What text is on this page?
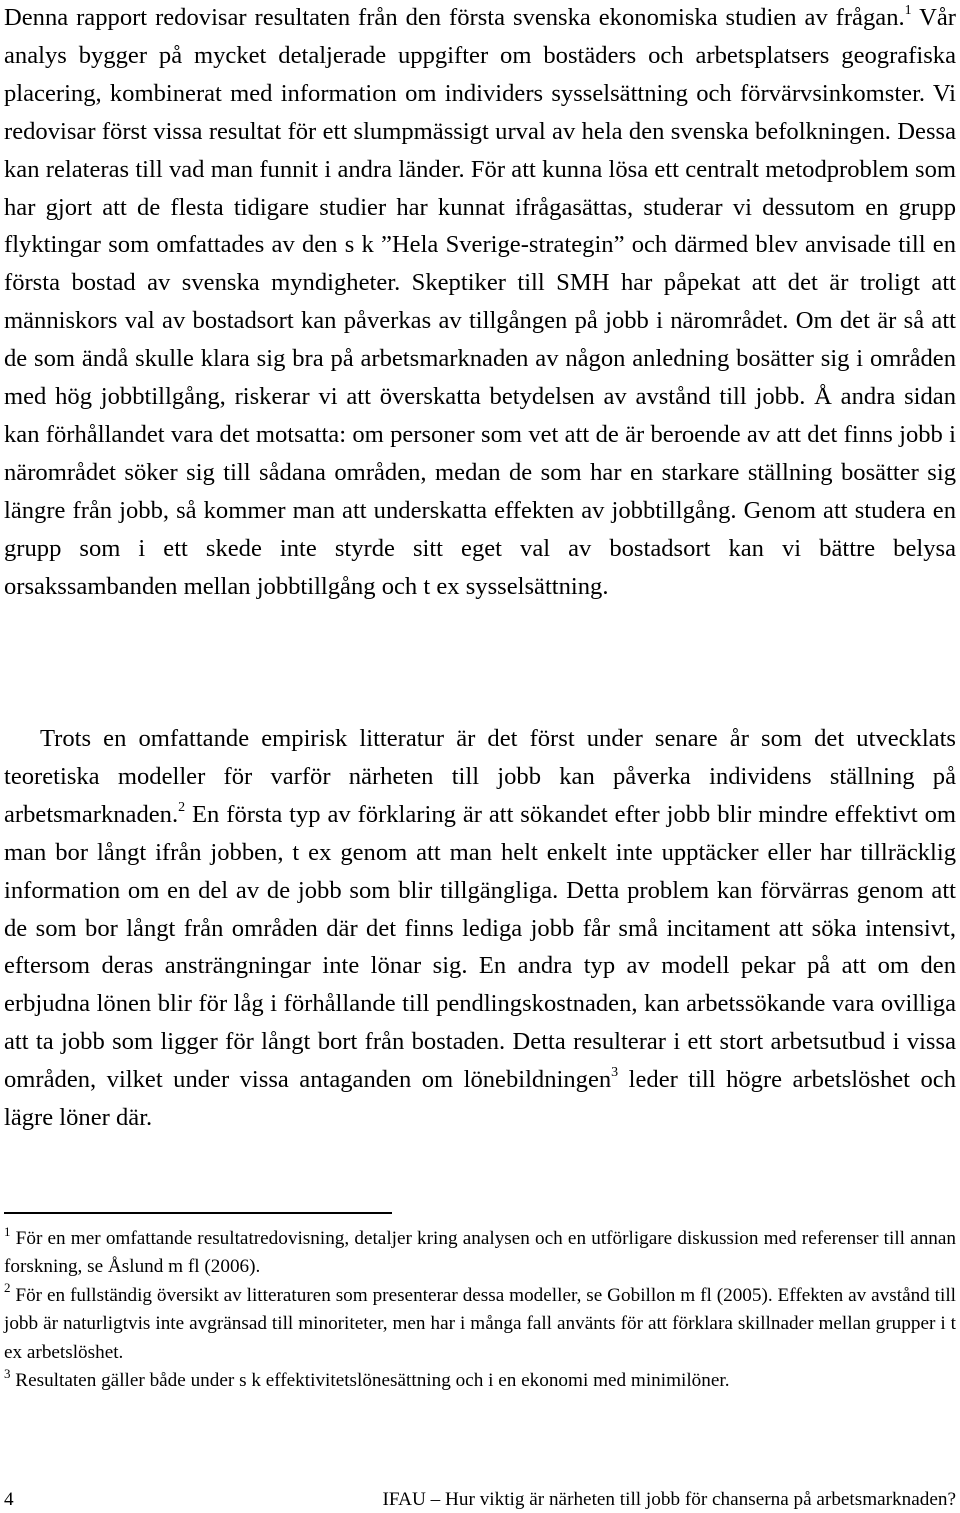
Denna rapport redovisar resultaten från den första svenska ekonomiska studien av frågan.$^1$ Vår analys bygger på mycket detaljerade uppgifter om bostäders och arbetsplatsers geografiska placering, kombinerat med information om individers sysselsättning och förvärvsinkomster. Vi redovisar först vissa resultat för ett slumpmässigt urval av hela den svenska befolkningen. Dessa kan relateras till vad man funnit i andra länder. För att kunna lösa ett centralt metodproblem som har gjort att de flesta tidigare studier har kunnat ifrågasättas, studerar vi dessutom en grupp flyktingar som omfattades av den s k ”Hela Sverige-strategin” och därmed blev anvisade till en första bostad av svenska myndigheter. Skeptiker till SMH har påpekat att det är troligt att människors val av bostadsort kan påverkas av tillgången på jobb i närområdet. Om det är så att de som ändå skulle klara sig bra på arbetsmarknaden av någon anledning bosätter sig i områden med hög jobbtillgång, riskerar vi att överskatta betydelsen av avstånd till jobb. Å andra sidan kan förhållandet vara det motsatta: om personer som vet att de är beroende av att det finns jobb i närområdet söker sig till sådana områden, medan de som har en starkare ställning bosätter sig längre från jobb, så kommer man att underskatta effekten av jobbtillgång. Genom att studera en grupp som i ett skede inte styrde sitt eget val av bostadsort kan vi bättre belysa orsakssambanden mellan jobbtillgång och t ex sysselsättning.

Trots en omfattande empirisk litteratur är det först under senare år som det utvecklats teoretiska modeller för varför närheten till jobb kan påverka individens ställning på arbetsmarknaden.$^2$ En första typ av förklaring är att sökandet efter jobb blir mindre effektivt om man bor långt ifrån jobben, t ex genom att man helt enkelt inte upptäcker eller har tillräcklig information om en del av de jobb som blir tillgängliga. Detta problem kan förvärras genom att de som bor långt från områden där det finns lediga jobb får små incitament att söka intensivt, eftersom deras ansträngningar inte lönar sig. En andra typ av modell pekar på att om den erbjudna lönen blir för låg i förhållande till pendlingskostnaden, kan arbetssökande vara ovilliga att ta jobb som ligger för långt bort från bostaden. Detta resulterar i ett stort arbetsutbud i vissa områden, vilket under vissa antaganden om lönebildningen$^3$ leder till högre arbetslöshet och lägre löner där.

$^1$ För en mer omfattande resultatredovisning, detaljer kring analysen och en utförligare diskussion med referenser till annan forskning, se Åslund m fl (2006).

$^2$ För en fullständig översikt av litteraturen som presenterar dessa modeller, se Gobillon m fl (2005). Effekten av avstånd till jobb är naturligtvis inte avgränsad till minoriteter, men har i många fall använts för att förklara skillnader mellan grupper i t ex arbetslöshet.

$^3$ Resultaten gäller både under s k effektivitetslönesättning och i en ekonomi med minimilöner.

4	IFAU – Hur viktig är närheten till jobb för chanserna på arbetsmarknaden?
